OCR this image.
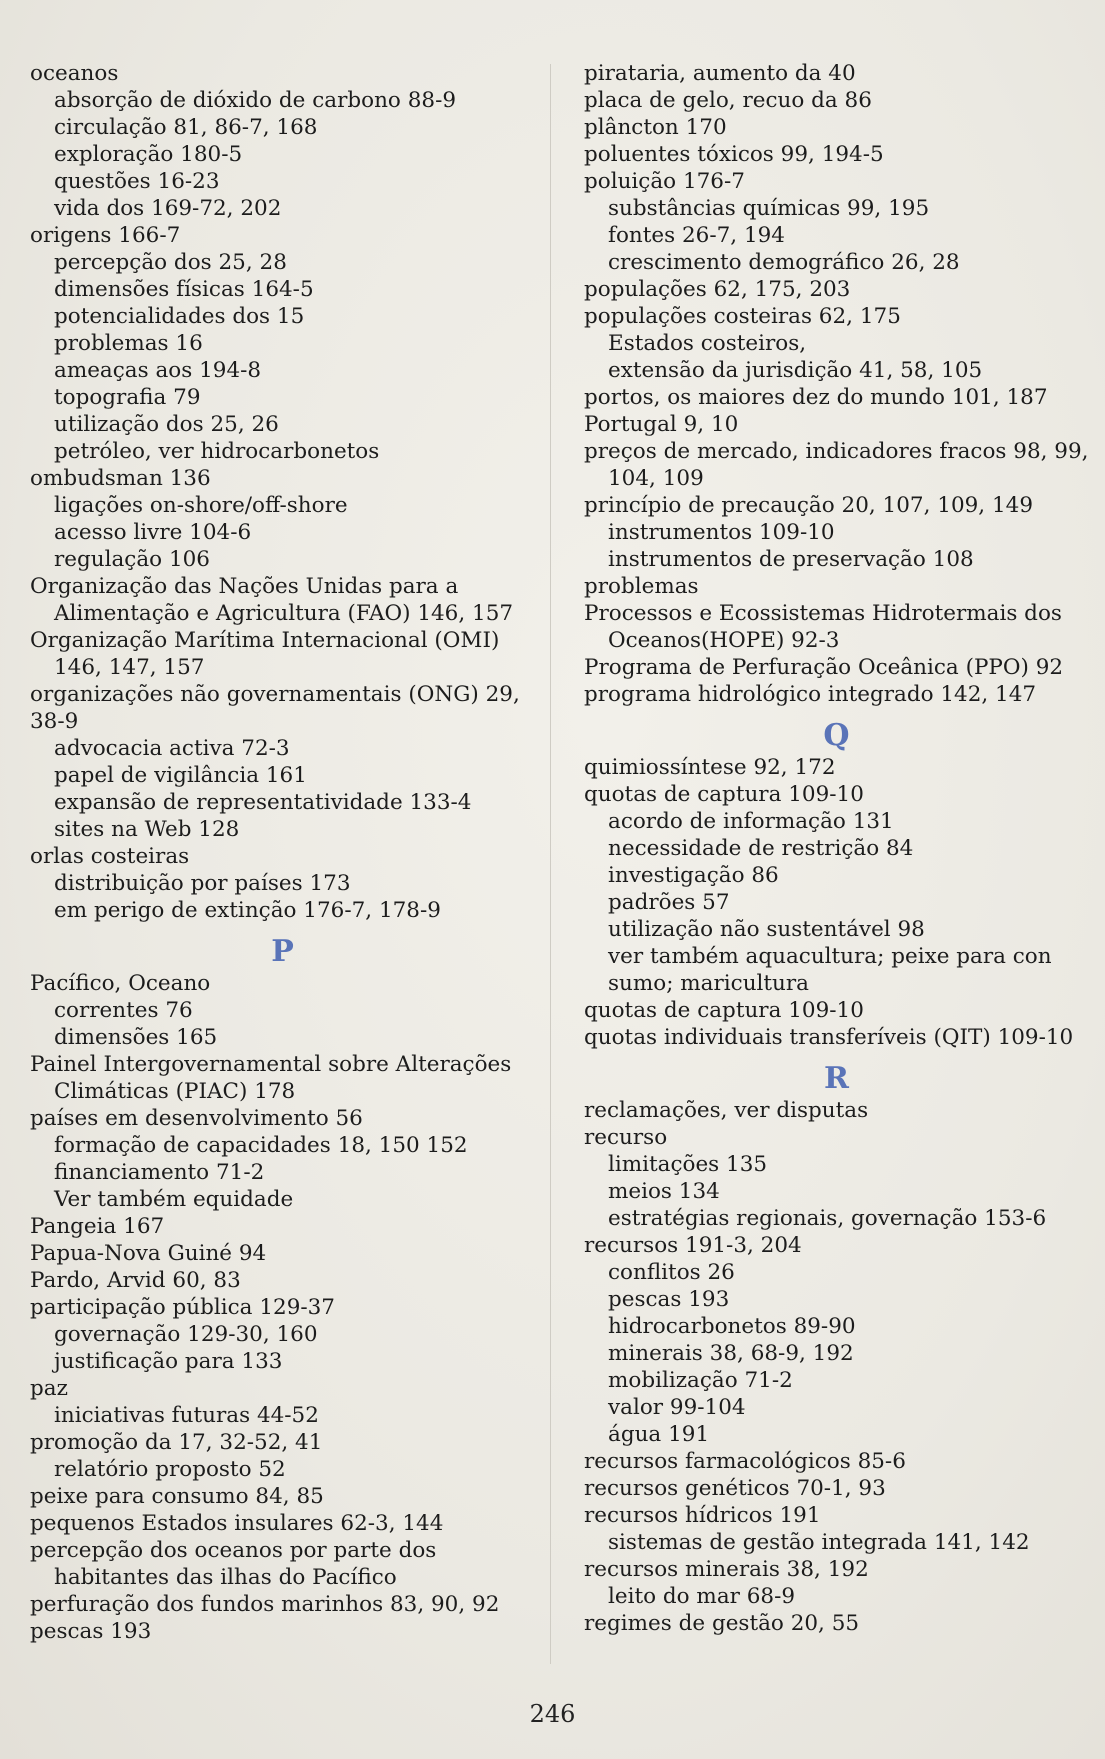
oceanos
absorção de dióxido de carbono 88-9
circulação 81, 86-7, 168
exploração 180-5
questões 16-23
vida dos 169-72, 202
origens 166-7
percepção dos 25, 28
dimensões físicas 164-5
potencialidades dos 15
problemas 16
ameaças aos 194-8
topografia 79
utilização dos 25, 26
petróleo, ver hidrocarbonetos
ombudsman 136
ligações on-shore/off-shore
acesso livre 104-6
regulação 106
Organização das Nações Unidas para a
Alimentação e Agricultura (FAO) 146, 157
Organização Marítima Internacional (OMI)
146, 147, 157
organizações não governamentais (ONG) 29,
38-9
advocacia activa 72-3
papel de vigilância 161
expansão de representatividade 133-4
sites na Web 128
orlas costeiras
distribuição por países 173
em perigo de extinção 176-7, 178-9
P
Pacífico, Oceano
correntes 76
dimensões 165
Painel Intergovernamental sobre Alterações
Climáticas (PIAC) 178
países em desenvolvimento 56
formação de capacidades 18, 150 152
financiamento 71-2
Ver também equidade
Pangeia 167
Papua-Nova Guiné 94
Pardo, Arvid 60, 83
participação pública 129-37
governação 129-30, 160
justificação para 133
paz
iniciativas futuras 44-52
promoção da 17, 32-52, 41
relatório proposto 52
peixe para consumo 84, 85
pequenos Estados insulares 62-3, 144
percepção dos oceanos por parte dos
habitantes das ilhas do Pacífico
perfuração dos fundos marinhos 83, 90, 92
pescas 193
pirataria, aumento da 40
placa de gelo, recuo da 86
plâncton 170
poluentes tóxicos 99, 194-5
poluição 176-7
substâncias químicas 99, 195
fontes 26-7, 194
crescimento demográfico 26, 28
populações 62, 175, 203
populações costeiras 62, 175
Estados costeiros,
extensão da jurisdição 41, 58, 105
portos, os maiores dez do mundo 101, 187
Portugal 9, 10
preços de mercado, indicadores fracos 98, 99,
104, 109
princípio de precaução 20, 107, 109, 149
instrumentos 109-10
instrumentos de preservação 108
problemas
Processos e Ecossistemas Hidrotermais dos
Oceanos(HOPE) 92-3
Programa de Perfuração Oceânica (PPO) 92
programa hidrológico integrado 142, 147
Q
quimiossíntese 92, 172
quotas de captura 109-10
acordo de informação 131
necessidade de restrição 84
investigação 86
padrões 57
utilização não sustentável 98
ver também aquacultura; peixe para con
sumo; maricultura
quotas de captura 109-10
quotas individuais transferíveis (QIT) 109-10
R
reclamações, ver disputas
recurso
limitações 135
meios 134
estratégias regionais, governação 153-6
recursos 191-3, 204
conflitos 26
pescas 193
hidrocarbonetos 89-90
minerais 38, 68-9, 192
mobilização 71-2
valor 99-104
água 191
recursos farmacológicos 85-6
recursos genéticos 70-1, 93
recursos hídricos 191
sistemas de gestão integrada 141, 142
recursos minerais 38, 192
leito do mar 68-9
regimes de gestão 20, 55
246
